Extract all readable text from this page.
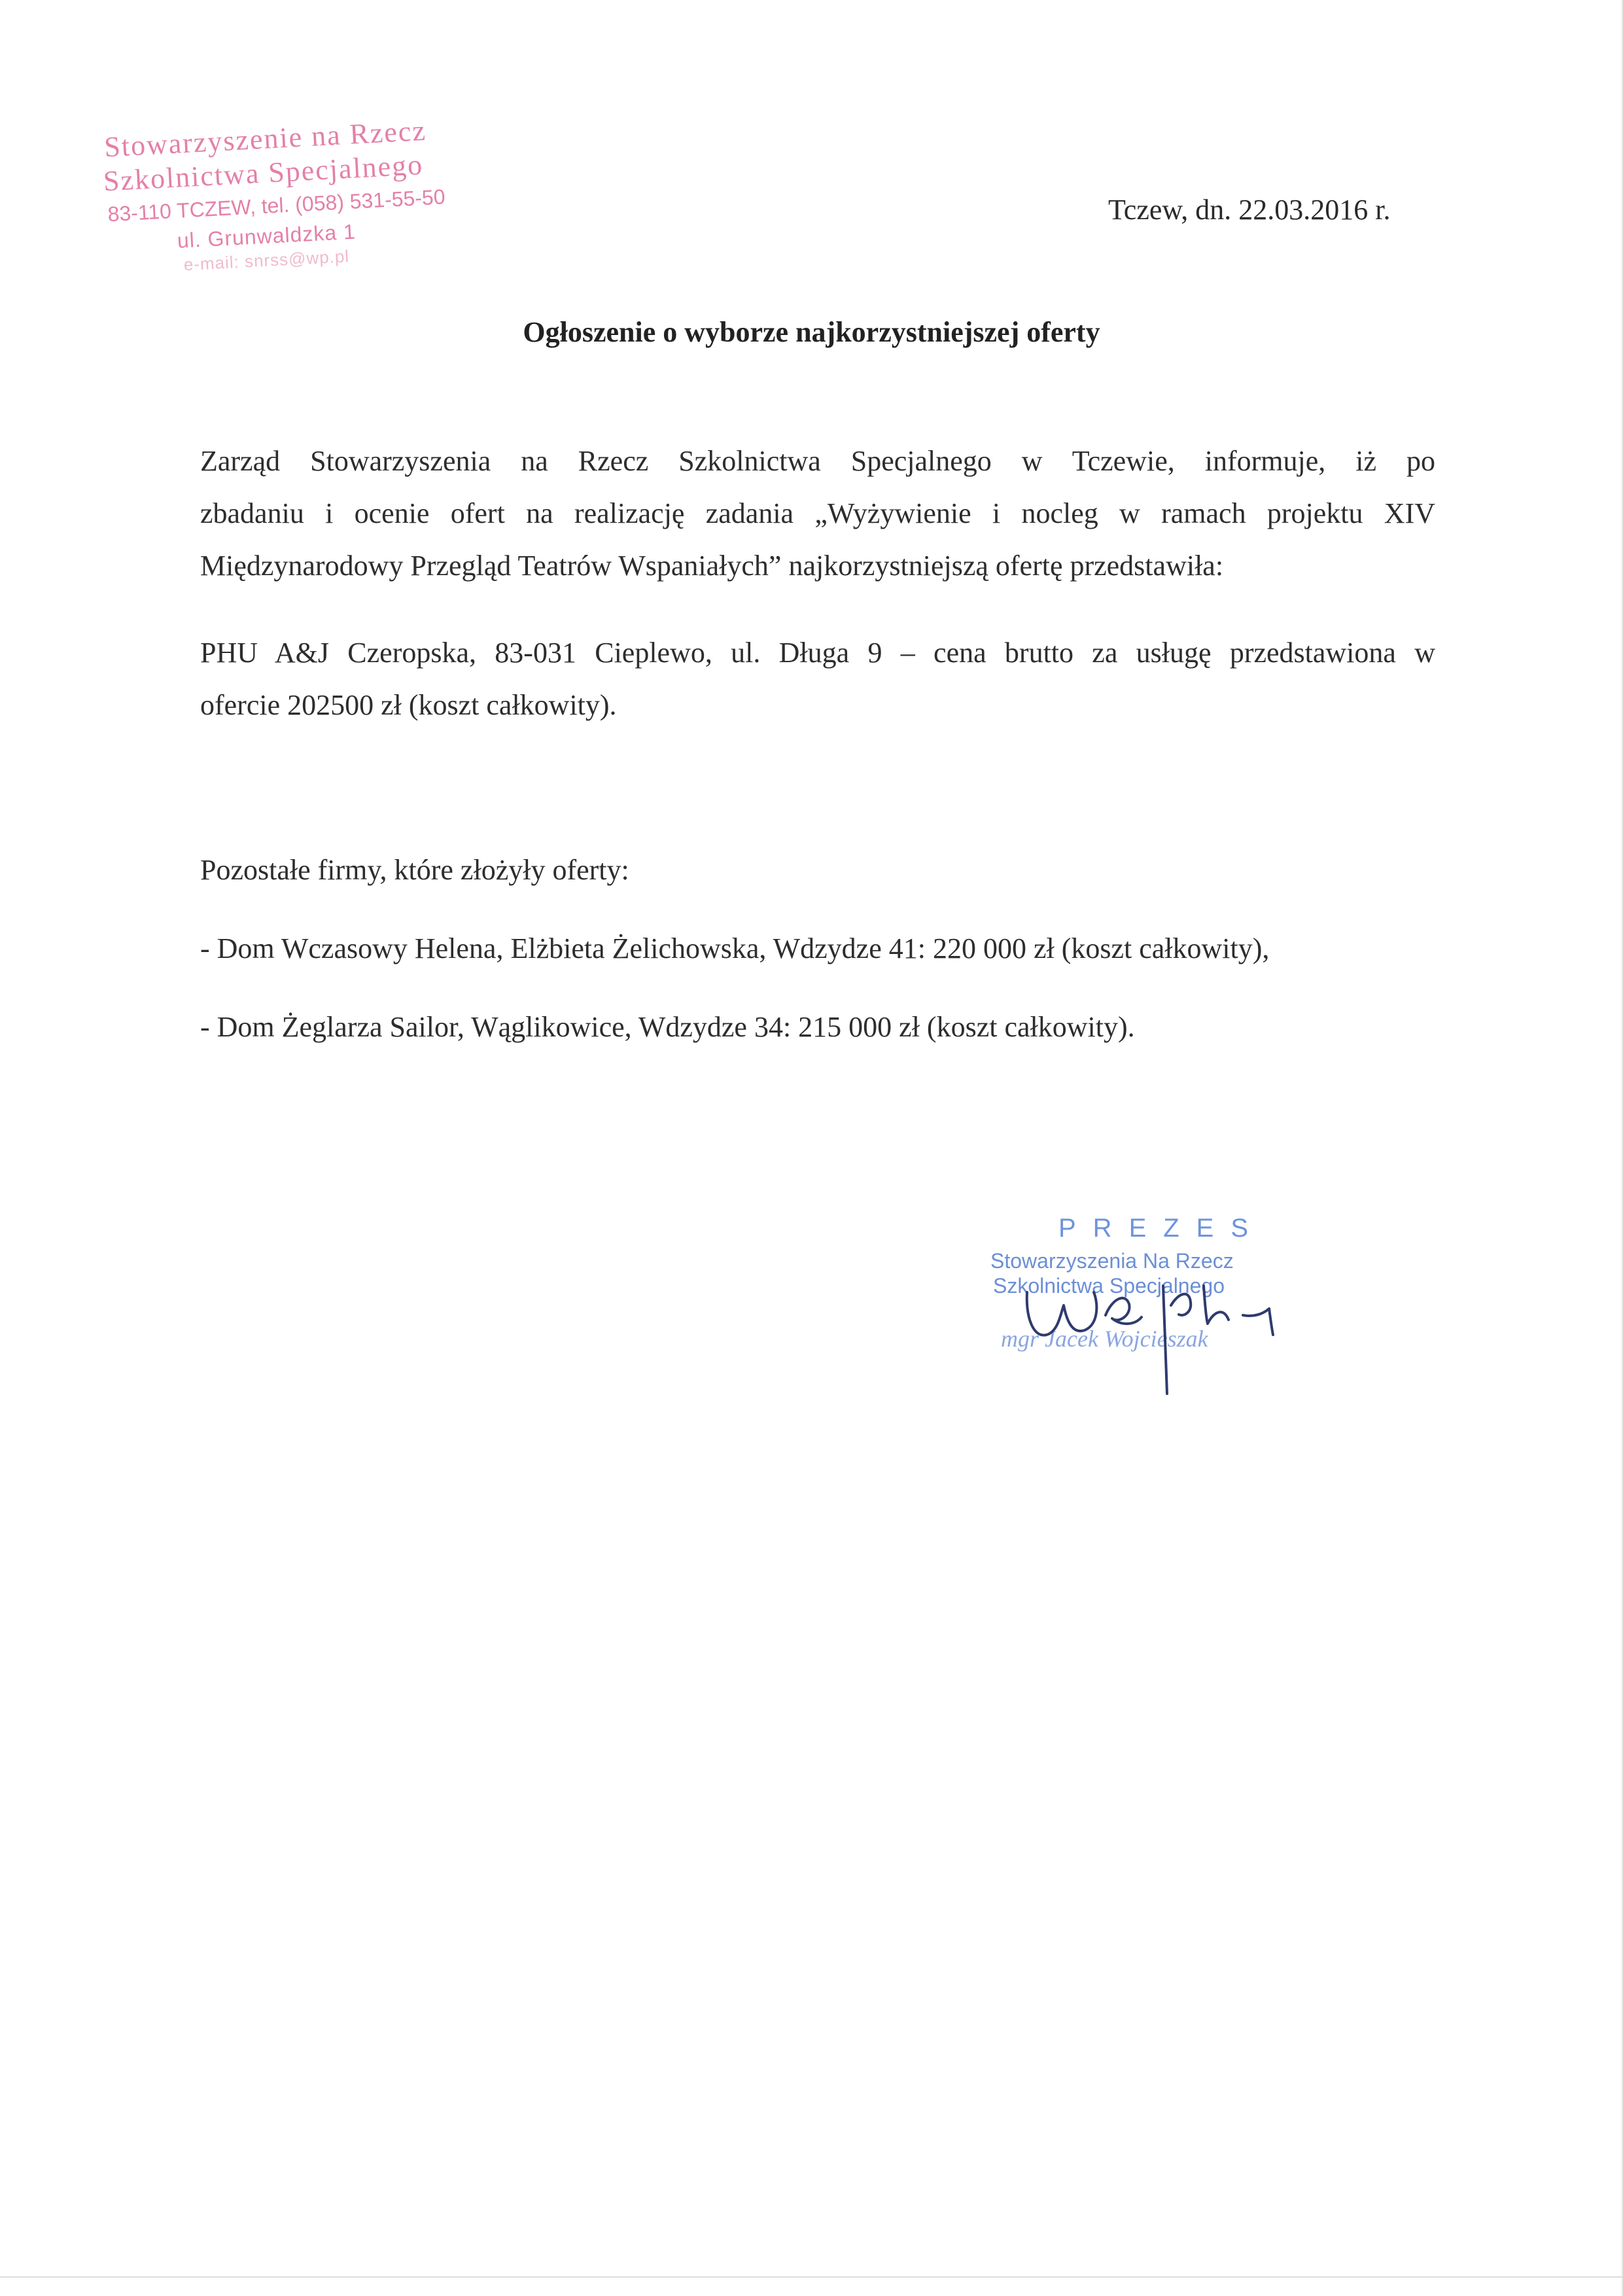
Stowarzyszenie na Rzecz
Szkolnictwa Specjalnego
83-110 TCZEW, tel. (058) 531-55-50
ul. Grunwaldzka 1
e-mail: snrss@wp.pl
Tczew, dn. 22.03.2016 r.
Ogłoszenie o wyborze najkorzystniejszej oferty
Zarząd Stowarzyszenia na Rzecz Szkolnictwa Specjalnego w Tczewie, informuje, iż po
zbadaniu i ocenie ofert na realizację zadania „Wyżywienie i nocleg w ramach projektu XIV
Międzynarodowy Przegląd Teatrów Wspaniałych” najkorzystniejszą ofertę przedstawiła:
PHU A&J Czeropska, 83-031 Cieplewo, ul. Długa 9 – cena brutto za usługę przedstawiona w
ofercie 202500 zł (koszt całkowity).
Pozostałe firmy, które złożyły oferty:
- Dom Wczasowy Helena, Elżbieta Żelichowska, Wdzydze 41: 220 000 zł (koszt całkowity),
- Dom Żeglarza Sailor, Wąglikowice, Wdzydze 34: 215 000 zł (koszt całkowity).
PREZES
Stowarzyszenia Na Rzecz
Szkolnictwa Specjalnego
mgr Jacek Wojcieszak
